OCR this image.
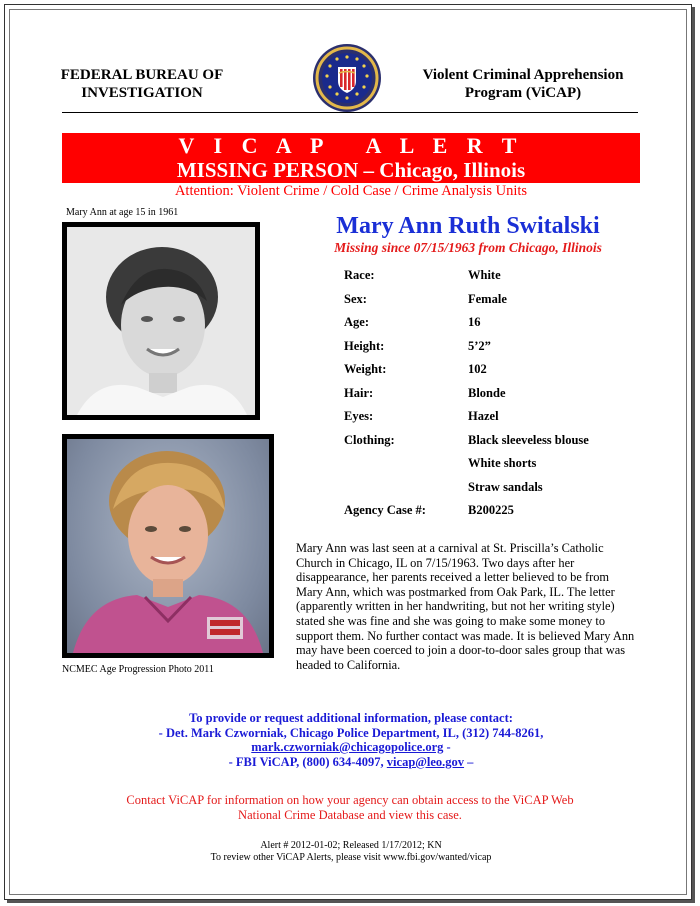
FEDERAL BUREAU OF
INVESTIGATION
Violent Criminal Apprehension
Program (ViCAP)
V I C A P   A L E R T
MISSING PERSON – Chicago, Illinois
Attention: Violent Crime / Cold Case / Crime Analysis Units
Mary Ann at age 15 in 1961
NCMEC Age Progression Photo 2011
Mary Ann Ruth Switalski
Missing since 07/15/1963 from Chicago, Illinois
Race:	White
Sex:	Female
Age:	16
Height:	5’2”
Weight:	102
Hair:	Blonde
Eyes:	Hazel
Clothing:	Black sleeveless blouse
White shorts
Straw sandals
Agency Case #:	B200225
Mary Ann was last seen at a carnival at St. Priscilla’s Catholic Church in Chicago, IL on 7/15/1963. Two days after her disappearance, her parents received a letter believed to be from Mary Ann, which was postmarked from Oak Park, IL. The letter (apparently written in her handwriting, but not her writing style) stated she was fine and she was going to make some money to support them. No further contact was made. It is believed Mary Ann may have been coerced to join a door-to-door sales group that was headed to California.
To provide or request additional information, please contact:
- Det. Mark Czworniak, Chicago Police Department, IL, (312) 744-8261,
mark.czworniak@chicagopolice.org -
- FBI ViCAP, (800) 634-4097, vicap@leo.gov –
Contact ViCAP for information on how your agency can obtain access to the ViCAP Web National Crime Database and view this case.
Alert # 2012-01-02; Released 1/17/2012; KN
To review other ViCAP Alerts, please visit www.fbi.gov/wanted/vicap
